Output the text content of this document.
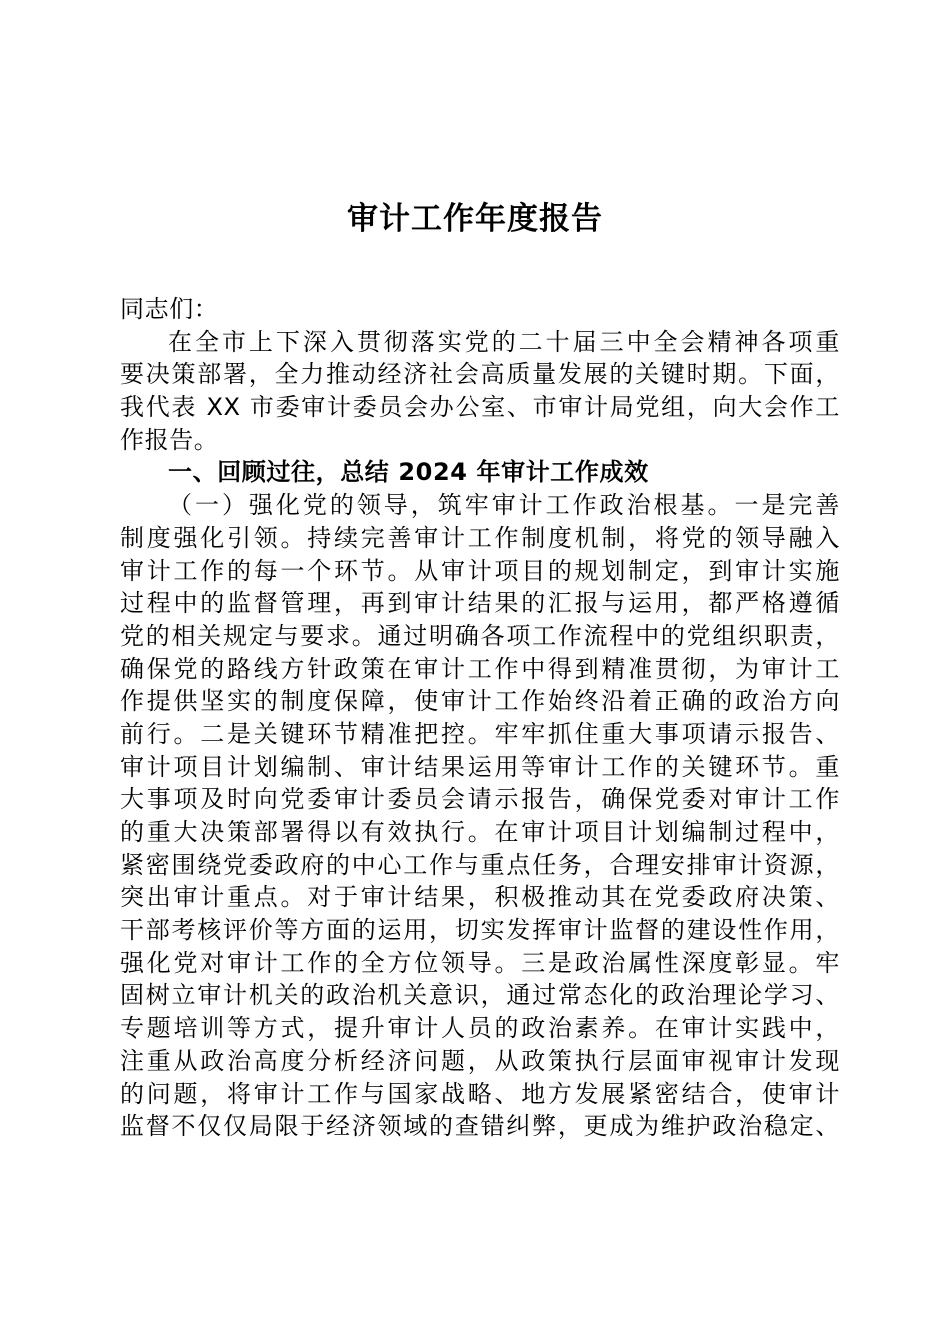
审计工作年度报告
同志们：
在全市上下深入贯彻落实党的二十届三中全会精神各项重
要决策部署，全力推动经济社会高质量发展的关键时期。下面，
我代表 XX 市委审计委员会办公室、市审计局党组，向大会作工
作报告。
一、回顾过往，总结 2024 年审计工作成效
（一）强化党的领导，筑牢审计工作政治根基。一是完善
制度强化引领。持续完善审计工作制度机制，将党的领导融入
审计工作的每一个环节。从审计项目的规划制定，到审计实施
过程中的监督管理，再到审计结果的汇报与运用，都严格遵循
党的相关规定与要求。通过明确各项工作流程中的党组织职责，
确保党的路线方针政策在审计工作中得到精准贯彻，为审计工
作提供坚实的制度保障，使审计工作始终沿着正确的政治方向
前行。二是关键环节精准把控。牢牢抓住重大事项请示报告、
审计项目计划编制、审计结果运用等审计工作的关键环节。重
大事项及时向党委审计委员会请示报告，确保党委对审计工作
的重大决策部署得以有效执行。在审计项目计划编制过程中，
紧密围绕党委政府的中心工作与重点任务，合理安排审计资源，
突出审计重点。对于审计结果，积极推动其在党委政府决策、
干部考核评价等方面的运用，切实发挥审计监督的建设性作用，
强化党对审计工作的全方位领导。三是政治属性深度彰显。牢
固树立审计机关的政治机关意识，通过常态化的政治理论学习、
专题培训等方式，提升审计人员的政治素养。在审计实践中，
注重从政治高度分析经济问题，从政策执行层面审视审计发现
的问题，将审计工作与国家战略、地方发展紧密结合，使审计
监督不仅仅局限于经济领域的查错纠弊，更成为维护政治稳定、
